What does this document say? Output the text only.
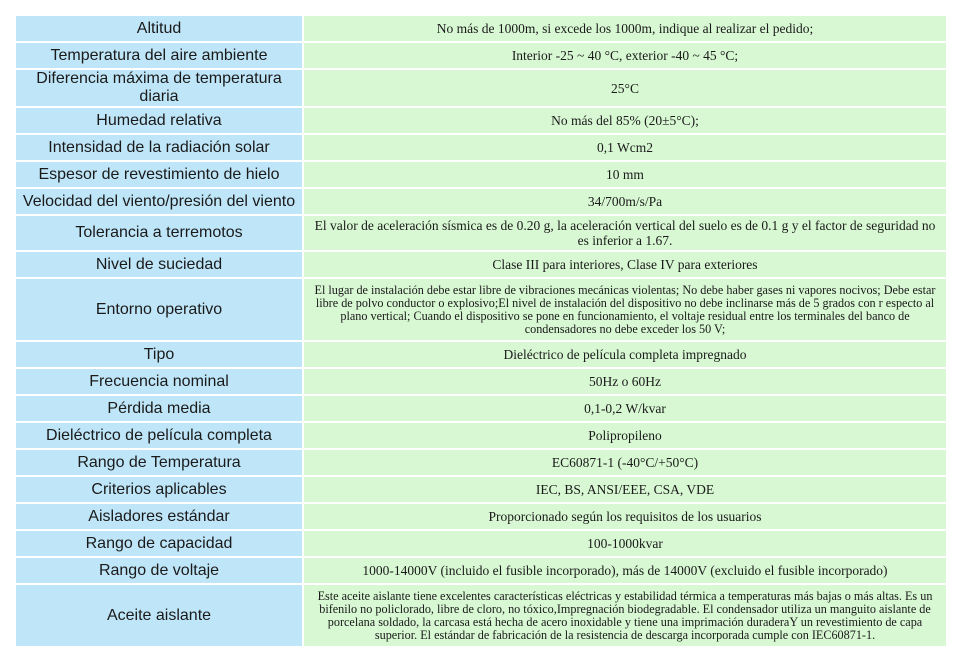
Altitud	No más de 1000m, si excede los 1000m, indique al realizar el pedido;
Temperatura del aire ambiente	Interior -25 ~ 40 °C, exterior -40 ~ 45 °C;
Diferencia máxima de temperatura diaria	25°C
Humedad relativa	No más del 85% (20±5°C);
Intensidad de la radiación solar	0,1 Wcm2
Espesor de revestimiento de hielo	10 mm
Velocidad del viento/presión del viento	34/700m/s/Pa
Tolerancia a terremotos	El valor de aceleración sísmica es de 0.20 g, la aceleración vertical del suelo es de 0.1 g y el factor de seguridad no es inferior a 1.67.
Nivel de suciedad	Clase III para interiores, Clase IV para exteriores
Entorno operativo	El lugar de instalación debe estar libre de vibraciones mecánicas violentas; No debe haber gases ni vapores nocivos; Debe estar libre de polvo conductor o explosivo;El nivel de instalación del dispositivo no debe inclinarse más de 5 grados con r especto al plano vertical; Cuando el dispositivo se pone en funcionamiento, el voltaje residual entre los terminales del banco de condensadores no debe exceder los 50 V;
Tipo	Dieléctrico de película completa impregnado
Frecuencia nominal	50Hz o 60Hz
Pérdida media	0,1-0,2 W/kvar
Dieléctrico de película completa	Polipropileno
Rango de Temperatura	EC60871-1 (-40°C/+50°C)
Criterios aplicables	IEC, BS, ANSI/EEE, CSA, VDE
Aisladores estándar	Proporcionado según los requisitos de los usuarios
Rango de capacidad	100-1000kvar
Rango de voltaje	1000-14000V (incluido el fusible incorporado), más de 14000V (excluido el fusible incorporado)
Aceite aislante	Este aceite aislante tiene excelentes características eléctricas y estabilidad térmica a temperaturas más bajas o más altas. Es un bifenilo no policlorado, libre de cloro, no tóxico,Impregnación biodegradable. El condensador utiliza un manguito aislante de porcelana soldado, la carcasa está hecha de acero inoxidable y tiene una imprimación duraderaY un revestimiento de capa superior. El estándar de fabricación de la resistencia de descarga incorporada cumple con IEC60871-1.
